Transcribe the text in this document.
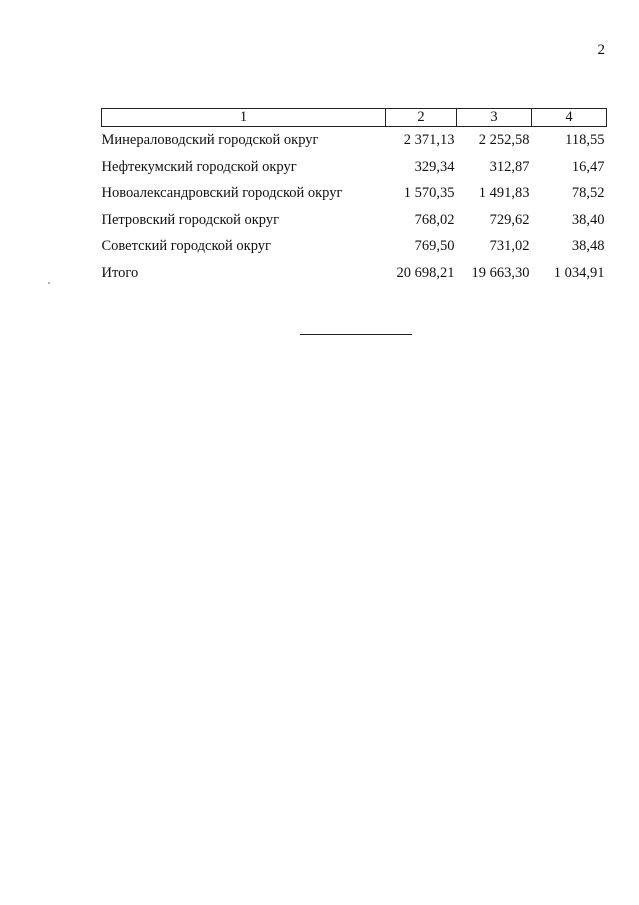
2
1	2	3	4
Минераловодский городской округ	2 371,13	2 252,58	118,55
Нефтекумский городской округ	329,34	312,87	16,47
Новоалександровский городской округ	1 570,35	1 491,83	78,52
Петровский городской округ	768,02	729,62	38,40
Советский городской округ	769,50	731,02	38,48
Итого	20 698,21	19 663,30	1 034,91
